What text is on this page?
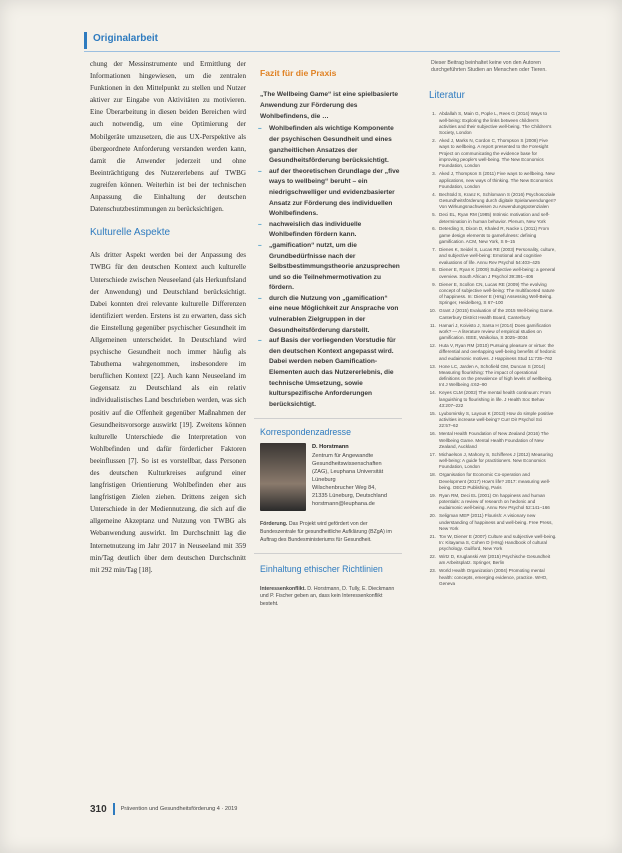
Originalarbeit

chung der Messinstrumente und Ermittlung der Informationen hingewiesen, um die zentralen Funktionen in den Mittelpunkt zu stellen und Nutzer aktiver zur Eingabe von Aktivitäten zu motivieren. Eine Überarbeitung in diesen beiden Bereichen wird auch notwendig, um eine Optimierung der Mobilgeräte umzusetzen, die aus UX-Perspektive als übergeordnete Anforderung verstanden werden kann, damit die Anwender jederzeit und ohne Beeinträchtigung des Nutzererlebens auf TWBG zugreifen können. Weiterhin ist bei der technischen Anpassung die Einhaltung der deutschen Datenschutzbestimmungen zu berücksichtigen.

Kulturelle Aspekte

Als dritter Aspekt werden bei der Anpassung des TWBG für den deutschen Kontext auch kulturelle Unterschiede zwischen Neuseeland (als Herkunftsland der Anwendung) und Deutschland berücksichtigt. Dabei konnten drei relevante kulturelle Differenzen identifiziert werden. Erstens ist zu erwarten, dass sich die Einstellung gegenüber psychischer Gesundheit im Allgemeinen unterscheidet. In Deutschland wird psychische Gesundheit noch immer häufig als Tabuthema wahrgenommen, insbesondere im beruflichen Kontext [22]. Auch kann Neuseeland im Gegensatz zu Deutschland als ein relativ individualistisches Land beschrieben werden, was sich positiv auf die Offenheit gegenüber Maßnahmen der Gesundheitsvorsorge auswirkt [19]. Zweitens können kulturelle Unterschiede die Interpretation von Wohlbefinden und dafür förderlicher Faktoren beeinflussen [7]. So ist es vorstellbar, dass Personen des deutschen Kulturkreises aufgrund einer langfristigen Orientierung Wohlbefinden eher aus langfristigen Zielen ziehen. Drittens zeigen sich Unterschiede in der Mediennutzung, die sich auf die allgemeine Akzeptanz und Nutzung von TWBG als Webanwendung auswirkt. Im Durchschnitt lag die Internetnutzung im Jahr 2017 in Neuseeland mit 359 min/Tag deutlich über dem deutschen Durchschnitt mit 292 min/Tag [18].

Fazit für die Praxis
„The Wellbeing Game“ ist eine spielbasierte Anwendung zur Förderung des Wohlbefindens, die …
– Wohlbefinden als wichtige Komponente der psychischen Gesundheit und eines ganzheitlichen Ansatzes der Gesundheitsförderung berücksichtigt.
– auf der theoretischen Grundlage der „five ways to wellbeing“ beruht – ein niedrigschwelliger und evidenzbasierter Ansatz zur Förderung des individuellen Wohlbefindens.
– nachweislich das individuelle Wohlbefinden fördern kann.
– „gamification“ nutzt, um die Grundbedürfnisse nach der Selbstbestimmungstheorie anzusprechen und so die Teilnehmermotivation zu fördern.
– durch die Nutzung von „gamification“ eine neue Möglichkeit zur Ansprache von vulnerablen Zielgruppen in der Gesundheitsförderung darstellt.
– auf Basis der vorliegenden Vorstudie für den deutschen Kontext angepasst wird. Dabei werden neben Gamification-Elementen auch das Nutzererlebnis, die technische Umsetzung, sowie kulturspezifische Anforderungen berücksichtigt.
Korrespondenzadresse
D. Horstmann
Zentrum für Angewandte
Gesundheitswissenschaften
(ZAG), Leuphana Universität
Lüneburg
Wilschenbrucher Weg 84,
21335 Lüneburg, Deutschland
horstmann@leuphana.de
Förderung. Das Projekt wird gefördert von der Bundeszentrale für gesundheitliche Aufklärung (BZgA) im Auftrag des Bundesministeriums für Gesundheit.
Einhaltung ethischer Richtlinien
Interessenkonflikt. D. Horstmann, D. Tully, E. Dieckmann und P. Fischer geben an, dass kein Interessenkonflikt besteht.
Dieser Beitrag beinhaltet keine von den Autoren durchgeführten Studien an Menschen oder Tieren.
Literatur
1. Abdallah S, Main G, Pople L, Rees G (2014) Ways to well-being: Exploring the links between children's activities and their subjective well-being. The Children's Society, London
2. Aked J, Marks N, Cordon C, Thompson S (2008) Five ways to wellbeing. A report presented to the Foresight Project on communicating the evidence base for improving people's well-being. The New Economics Foundation, London
3. Aked J, Thompson S (2011) Five ways to wellbeing. New applications, new ways of thinking. The New Economics Foundation, London
4. Bechtold S, Kranz K, Schlomann S (2016) Psychosoziale Gesundheitsförderung durch digitale Spielanwendungen? Von Wirkungsnachweisen zu Anwendungspotenzialen
5. Deci EL, Ryan RM (1985) Intrinsic motivation and self-determination in human behavior. Plenum, New York
6. Deterding S, Dixon D, Khaled R, Nacke L (2011) From game design elements to gamefulness: defining gamification. ACM, New York, S 9–15
7. Dienes K, Seidel S, Lucas RE (2003) Personality, culture, and subjective well-being: Emotional and cognitive evaluations of life. Annu Rev Psychol 54:403–425
8. Diener E, Ryan K (2009) Subjective well-being: a general overview. South African J Psychol 39:391–406
9. Diener E, Scollon CN, Lucas RE (2009) The evolving concept of subjective well-being: The multifaceted nature of happiness. In: Diener E (Hrsg) Assessing Well-Being. Springer, Heidelberg, S 67–100
10. Grant J (2015) Evaluation of the 2015 Well-being Game. Canterbury District Health Board, Canterbury
11. Hamari J, Koivisto J, Sarsa H (2014) Does gamification work? — A literature review of empirical studies on gamification. IEEE, Waikoloa, S 3025–3034
12. Huta V, Ryan RM (2010) Pursuing pleasure or virtue: the differential and overlapping well-being benefits of hedonic and eudaimonic motives. J Happiness Stud 11:735–762
13. Hone LC, Jarden A, Schofield GM, Duncan S (2014) Measuring flourishing: The impact of operational definitions on the prevalence of high levels of wellbeing. Int J Wellbeing 4:62–90
14. Keyes CLM (2002) The mental health continuum: From languishing to flourishing in life. J Health Soc Behav 43:207–222
15. Lyubomirsky S, Layous K (2013) How do simple positive activities increase well-being? Curr Dir Psychol Sci 22:57–62
16. Mental Health Foundation of New Zealand (2016) The Wellbeing Game. Mental Health Foundation of New Zealand, Auckland
17. Michaelson J, Mahony S, Schifferes J (2012) Measuring well-being: A guide for practitioners. New Economics Foundation, London
18. Organisation for Economic Co-operation and Development (2017) How's life? 2017: measuring well-being. OECD Publishing, Paris
19. Ryan RM, Deci EL (2001) On happiness and human potentials: a review of research on hedonic and eudaimonic well-being. Annu Rev Psychol 52:141–166
20. Seligman MEP (2011) Flourish: A visionary new understanding of happiness and well-being. Free Press, New York
21. Tov W, Diener E (2007) Culture and subjective well-being. In: Kitayama S, Cohen D (Hrsg) Handbook of cultural psychology. Guilford, New York
22. Wirtz D, Kruglanski AW (2015) Psychische Gesundheit am Arbeitsplatz. Springer, Berlin
23. World Health Organization (2004) Promoting mental health: concepts, emerging evidence, practice. WHO, Geneva
310	Prävention und Gesundheitsförderung 4 · 2019
